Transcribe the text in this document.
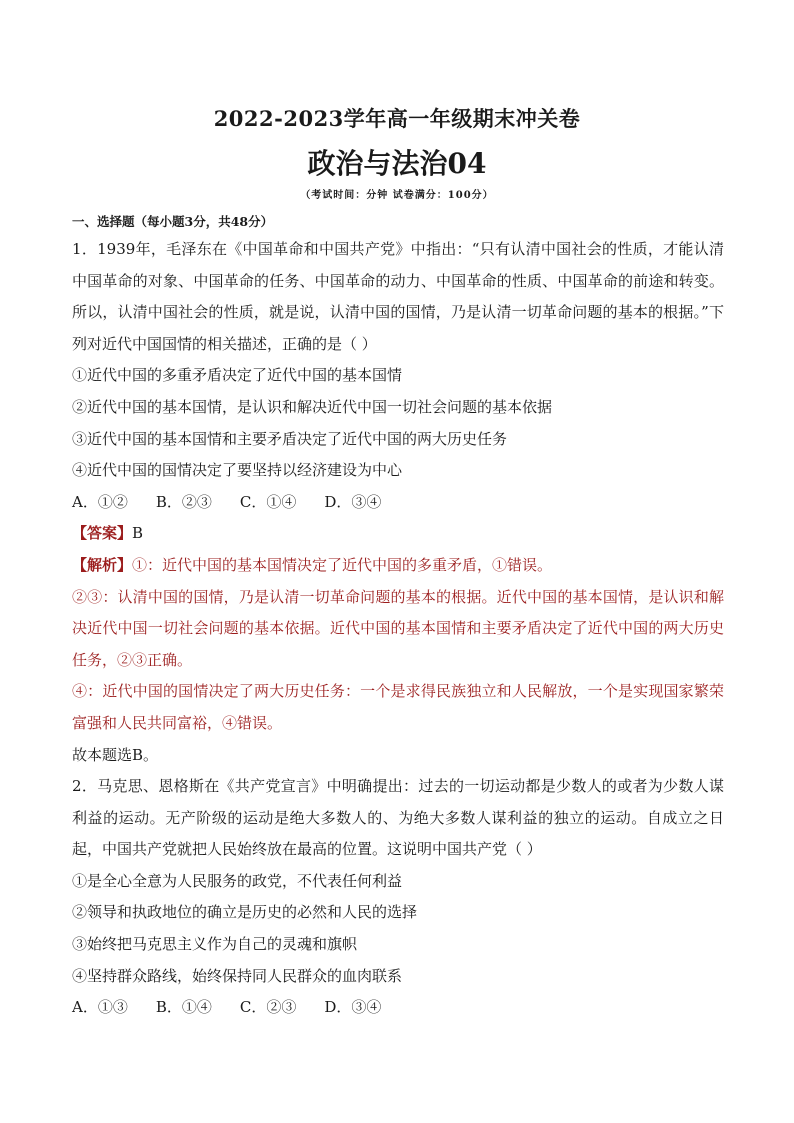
2022-2023学年高一年级期末冲关卷
政治与法治04
（考试时间：分钟 试卷满分：100分）
一、选择题（每小题3分，共48分）

1．1939年，毛泽东在《中国革命和中国共产党》中指出：“只有认清中国社会的性质，才能认清中国革命的对象、中国革命的任务、中国革命的动力、中国革命的性质、中国革命的前途和转变。所以，认清中国社会的性质，就是说，认清中国的国情，乃是认清一切革命问题的基本的根据。”下列对近代中国国情的相关描述，正确的是（ ）

①近代中国的多重矛盾决定了近代中国的基本国情

②近代中国的基本国情，是认识和解决近代中国一切社会问题的基本依据

③近代中国的基本国情和主要矛盾决定了近代中国的两大历史任务

④近代中国的国情决定了要坚持以经济建设为中心

A．①② B．②③ C．①④ D．③④

【答案】B

【解析】①：近代中国的基本国情决定了近代中国的多重矛盾，①错误。

②③：认清中国的国情，乃是认清一切革命问题的基本的根据。近代中国的基本国情，是认识和解决近代中国一切社会问题的基本依据。近代中国的基本国情和主要矛盾决定了近代中国的两大历史任务，②③正确。

④：近代中国的国情决定了两大历史任务：一个是求得民族独立和人民解放，一个是实现国家繁荣富强和人民共同富裕，④错误。

故本题选B。

2．马克思、恩格斯在《共产党宣言》中明确提出：过去的一切运动都是少数人的或者为少数人谋利益的运动。无产阶级的运动是绝大多数人的、为绝大多数人谋利益的独立的运动。自成立之日起，中国共产党就把人民始终放在最高的位置。这说明中国共产党（ ）

①是全心全意为人民服务的政党，不代表任何利益

②领导和执政地位的确立是历史的必然和人民的选择

③始终把马克思主义作为自己的灵魂和旗帜

④坚持群众路线，始终保持同人民群众的血肉联系

A．①③ B．①④ C．②③ D．③④
